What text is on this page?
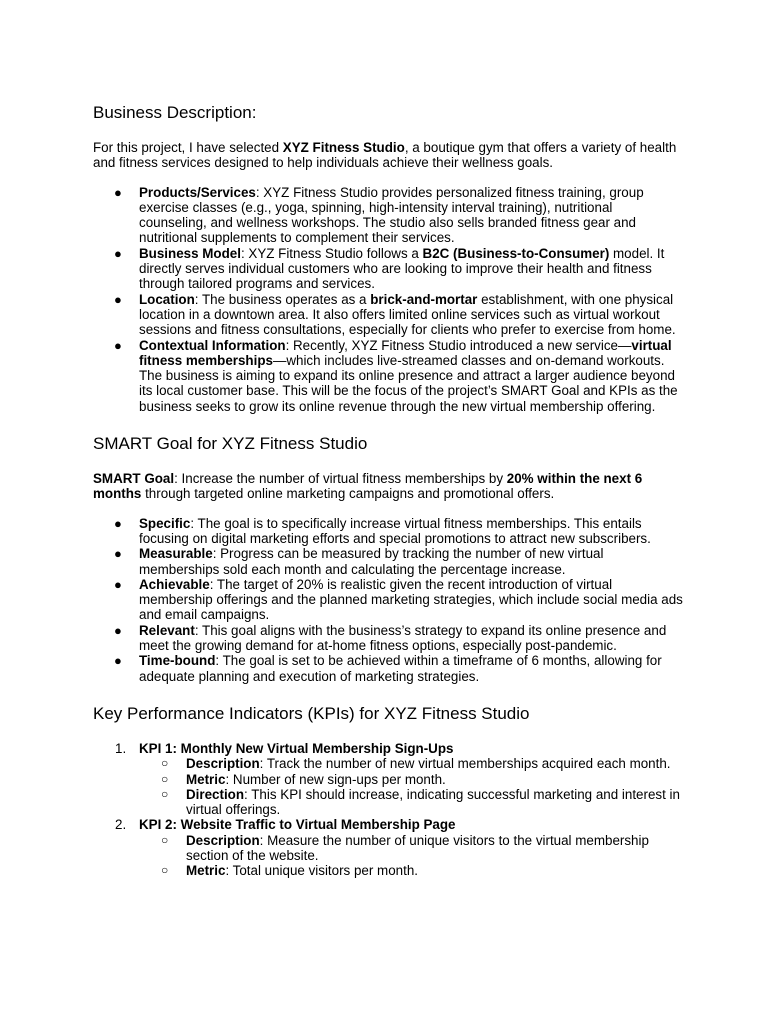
Business Description:

For this project, I have selected XYZ Fitness Studio, a boutique gym that offers a variety of health and fitness services designed to help individuals achieve their wellness goals.

● Products/Services: XYZ Fitness Studio provides personalized fitness training, group exercise classes (e.g., yoga, spinning, high-intensity interval training), nutritional counseling, and wellness workshops. The studio also sells branded fitness gear and nutritional supplements to complement their services.
● Business Model: XYZ Fitness Studio follows a B2C (Business-to-Consumer) model. It directly serves individual customers who are looking to improve their health and fitness through tailored programs and services.
● Location: The business operates as a brick-and-mortar establishment, with one physical location in a downtown area. It also offers limited online services such as virtual workout sessions and fitness consultations, especially for clients who prefer to exercise from home.
● Contextual Information: Recently, XYZ Fitness Studio introduced a new service—virtual fitness memberships—which includes live-streamed classes and on-demand workouts. The business is aiming to expand its online presence and attract a larger audience beyond its local customer base. This will be the focus of the project’s SMART Goal and KPIs as the business seeks to grow its online revenue through the new virtual membership offering.
SMART Goal for XYZ Fitness Studio

SMART Goal: Increase the number of virtual fitness memberships by 20% within the next 6 months through targeted online marketing campaigns and promotional offers.

● Specific: The goal is to specifically increase virtual fitness memberships. This entails focusing on digital marketing efforts and special promotions to attract new subscribers.
● Measurable: Progress can be measured by tracking the number of new virtual memberships sold each month and calculating the percentage increase.
● Achievable: The target of 20% is realistic given the recent introduction of virtual membership offerings and the planned marketing strategies, which include social media ads and email campaigns.
● Relevant: This goal aligns with the business’s strategy to expand its online presence and meet the growing demand for at-home fitness options, especially post-pandemic.
● Time-bound: The goal is set to be achieved within a timeframe of 6 months, allowing for adequate planning and execution of marketing strategies.
Key Performance Indicators (KPIs) for XYZ Fitness Studio
1. KPI 1: Monthly New Virtual Membership Sign-Ups
○ Description: Track the number of new virtual memberships acquired each month.
○ Metric: Number of new sign-ups per month.
○ Direction: This KPI should increase, indicating successful marketing and interest in virtual offerings.
2. KPI 2: Website Traffic to Virtual Membership Page
○ Description: Measure the number of unique visitors to the virtual membership section of the website.
○ Metric: Total unique visitors per month.
